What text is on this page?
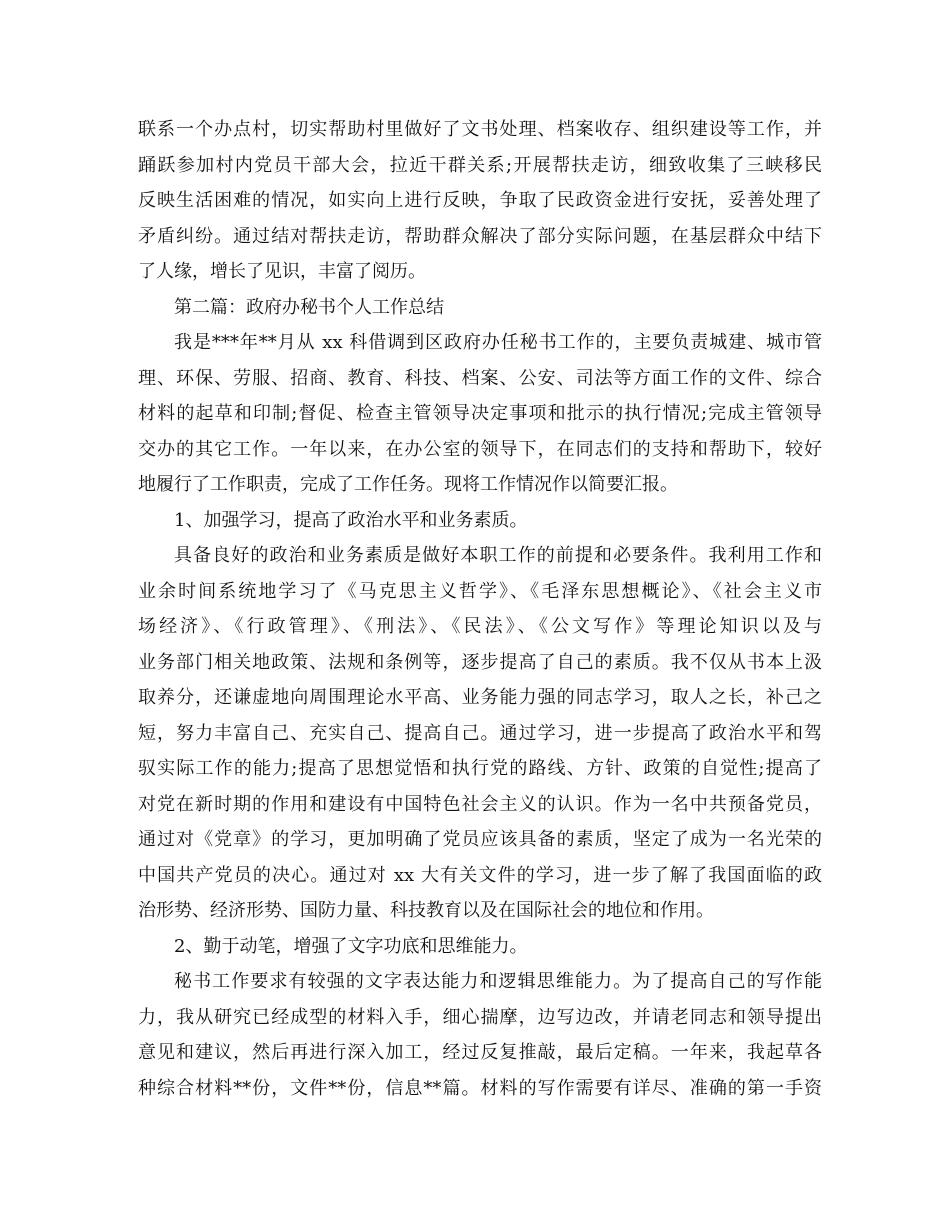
联系一个办点村，切实帮助村里做好了文书处理、档案收存、组织建设等工作，并
踊跃参加村内党员干部大会，拉近干群关系;开展帮扶走访，细致收集了三峡移民
反映生活困难的情况，如实向上进行反映，争取了民政资金进行安抚，妥善处理了
矛盾纠纷。通过结对帮扶走访，帮助群众解决了部分实际问题，在基层群众中结下
了人缘，增长了见识，丰富了阅历。
第二篇：政府办秘书个人工作总结
我是***年**月从 xx 科借调到区政府办任秘书工作的，主要负责城建、城市管
理、环保、劳服、招商、教育、科技、档案、公安、司法等方面工作的文件、综合
材料的起草和印制;督促、检查主管领导决定事项和批示的执行情况;完成主管领导
交办的其它工作。一年以来，在办公室的领导下，在同志们的支持和帮助下，较好
地履行了工作职责，完成了工作任务。现将工作情况作以简要汇报。
1、加强学习，提高了政治水平和业务素质。
具备良好的政治和业务素质是做好本职工作的前提和必要条件。我利用工作和
业余时间系统地学习了《马克思主义哲学》、《毛泽东思想概论》、《社会主义市
场经济》、《行政管理》、《刑法》、《民法》、《公文写作》等理论知识以及与
业务部门相关地政策、法规和条例等，逐步提高了自己的素质。我不仅从书本上汲
取养分，还谦虚地向周围理论水平高、业务能力强的同志学习，取人之长，补己之
短，努力丰富自己、充实自己、提高自己。通过学习，进一步提高了政治水平和驾
驭实际工作的能力;提高了思想觉悟和执行党的路线、方针、政策的自觉性;提高了
对党在新时期的作用和建设有中国特色社会主义的认识。作为一名中共预备党员，
通过对《党章》的学习，更加明确了党员应该具备的素质，坚定了成为一名光荣的
中国共产党员的决心。通过对 xx 大有关文件的学习，进一步了解了我国面临的政
治形势、经济形势、国防力量、科技教育以及在国际社会的地位和作用。
2、勤于动笔，增强了文字功底和思维能力。
秘书工作要求有较强的文字表达能力和逻辑思维能力。为了提高自己的写作能
力，我从研究已经成型的材料入手，细心揣摩，边写边改，并请老同志和领导提出
意见和建议，然后再进行深入加工，经过反复推敲，最后定稿。一年来，我起草各
种综合材料**份，文件**份，信息**篇。材料的写作需要有详尽、准确的第一手资
